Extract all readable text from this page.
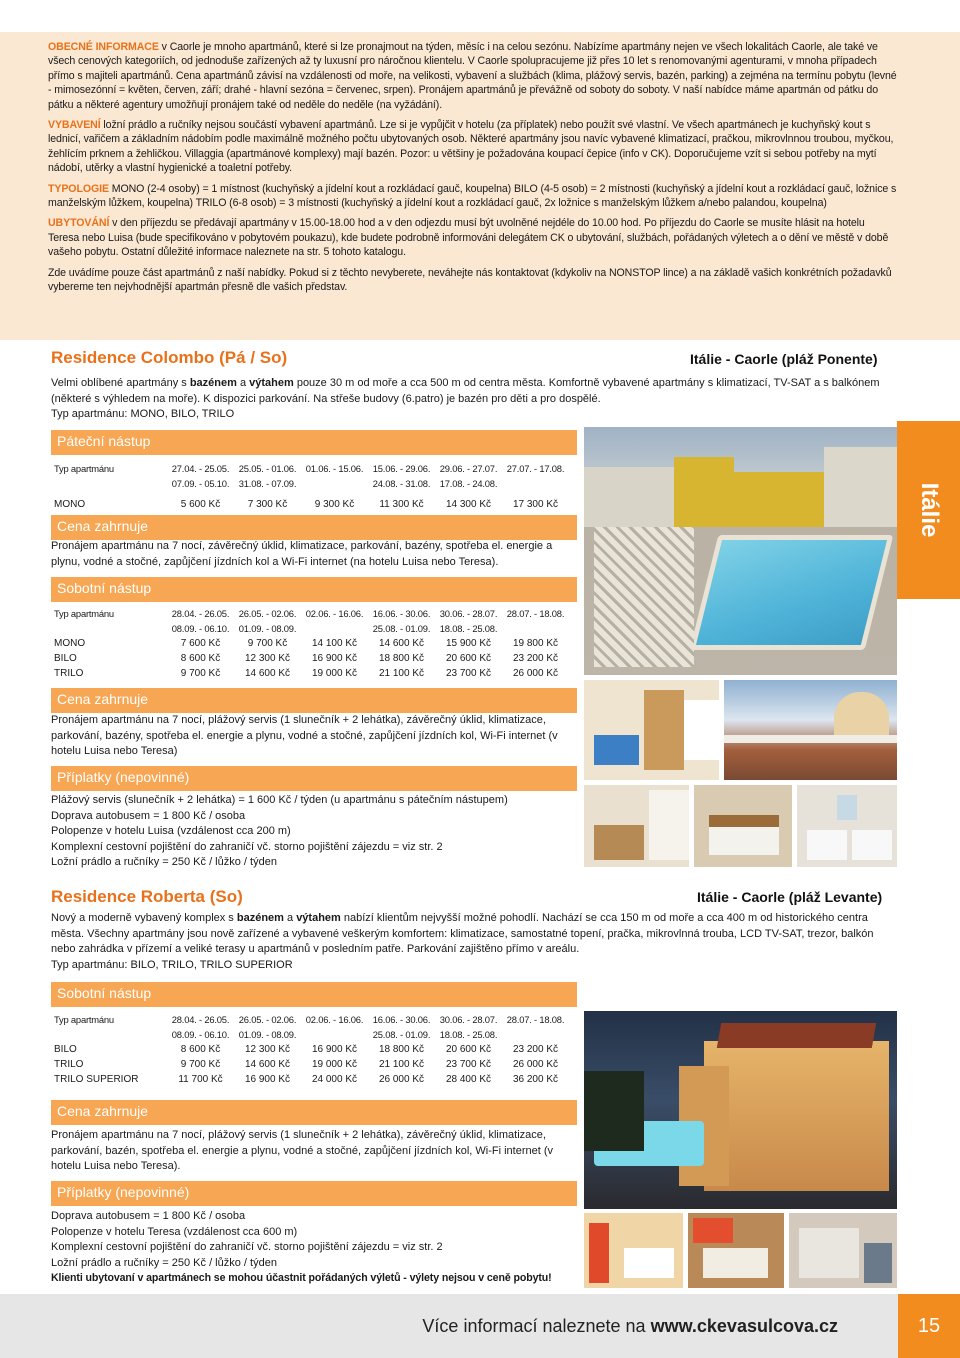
OBECNÉ INFORMACE v Caorle je mnoho apartmánů, které si lze pronajmout na týden, měsíc i na celou sezónu. Nabízíme apartmány nejen ve všech lokalitách Caorle, ale také ve všech cenových kategoriích, od jednoduše zařízených až ty luxusní pro náročnou klientelu. V Caorle spolupracujeme již přes 10 let s renomovanými agenturami, v mnoha případech přímo s majiteli apartmánů. Cena apartmánů závisí na vzdálenosti od moře, na velikosti, vybavení a službách (klima, plážový servis, bazén, parking) a zejména na termínu pobytu (levné - mimosezónní = květen, červen, září; drahé - hlavní sezóna = červenec, srpen). Pronájem apartmánů je převážně od soboty do soboty. V naší nabídce máme apartmán od pátku do pátku a některé agentury umožňují pronájem také od neděle do neděle (na vyžádání).

VYBAVENÍ ložní prádlo a ručníky nejsou součástí vybavení apartmánů. Lze si je vypůjčit v hotelu (za příplatek) nebo použít své vlastní. Ve všech apartmánech je kuchyňský kout s lednicí, vařičem a základním nádobím podle maximálně možného počtu ubytovaných osob. Některé apartmány jsou navíc vybavené klimatizací, pračkou, mikrovlnnou troubou, myčkou, žehlícím prknem a žehličkou. Villaggia (apartmánové komplexy) mají bazén. Pozor: u většiny je požadována koupací čepice (info v CK). Doporučujeme vzít si sebou potřeby na mytí nádobí, utěrky a vlastní hygienické a toaletní potřeby.

TYPOLOGIE MONO (2-4 osoby) = 1 místnost (kuchyňský a jídelní kout a rozkládací gauč, koupelna) BILO (4-5 osob) = 2 místnosti (kuchyňský a jídelní kout a rozkládací gauč, ložnice s manželským lůžkem, koupelna) TRILO (6-8 osob) = 3 místnosti (kuchyňský a jídelní kout a rozkládací gauč, 2x ložnice s manželským lůžkem a/nebo palandou, koupelna)

UBYTOVÁNÍ v den příjezdu se předávají apartmány v 15.00-18.00 hod a v den odjezdu musí být uvolněné nejdéle do 10.00 hod. Po příjezdu do Caorle se musíte hlásit na hotelu Teresa nebo Luisa (bude specifikováno v pobytovém poukazu), kde budete podrobně informováni delegátem CK o ubytování, službách, pořádaných výletech a o dění ve městě v době vašeho pobytu. Ostatní důležité informace naleznete na str. 5 tohoto katalogu.

Zde uvádíme pouze část apartmánů z naší nabídky. Pokud si z těchto nevyberete, neváhejte nás kontaktovat (kdykoliv na NONSTOP lince) a na základě vašich konkrétních požadavků vybereme ten nejvhodnější apartmán přesně dle vašich představ.

Residence Colombo (Pá / So)	Itálie - Caorle (pláž Ponente)
Velmi oblíbené apartmány s bazénem a výtahem pouze 30 m od moře a cca 500 m od centra města. Komfortně vybavené apartmány s klimatizací, TV-SAT a s balkónem (některé s výhledem na moře). K dispozici parkování. Na střeše budovy (6.patro) je bazén pro děti a pro dospělé.
Typ apartmánu: MONO, BILO, TRILO
Páteční nástup
Typ apartmánu	27.04. - 25.05.	25.05. - 01.06.	01.06. - 15.06.	15.06. - 29.06.	29.06. - 27.07.	27.07. - 17.08.
	07.09. - 05.10.	31.08. - 07.09.		24.08. - 31.08.	17.08. - 24.08.	

MONO	5 600 Kč	7 300 Kč	9 300 Kč	11 300 Kč	14 300 Kč	17 300 Kč
Cena zahrnuje
Pronájem apartmánu na 7 nocí, závěrečný úklid, klimatizace, parkování, bazény, spotřeba el. energie a plynu, vodné a stočné, zapůjčení jízdních kol a Wi-Fi internet (na hotelu Luisa nebo Teresa).
Sobotní nástup
Typ apartmánu	28.04. - 26.05.	26.05. - 02.06.	02.06. - 16.06.	16.06. - 30.06.	30.06. - 28.07.	28.07. - 18.08.
	08.09. - 06.10.	01.09. - 08.09.		25.08. - 01.09.	18.08. - 25.08.	
MONO	7 600 Kč	9 700 Kč	14 100 Kč	14 600 Kč	15 900 Kč	19 800 Kč
BILO	8 600 Kč	12 300 Kč	16 900 Kč	18 800 Kč	20 600 Kč	23 200 Kč
TRILO	9 700 Kč	14 600 Kč	19 000 Kč	21 100 Kč	23 700 Kč	26 000 Kč
Cena zahrnuje
Pronájem apartmánu na 7 nocí, plážový servis (1 slunečník + 2 lehátka), závěrečný úklid, klimatizace, parkování, bazény, spotřeba el. energie a plynu, vodné a stočné, zapůjčení jízdních kol, Wi-Fi internet (v hotelu Luisa nebo Teresa)
Příplatky (nepovinné)
Plážový servis (slunečník + 2 lehátka) = 1 600 Kč / týden (u apartmánu s pátečním nástupem)
Doprava autobusem = 1 800 Kč / osoba
Polopenze v hotelu Luisa (vzdálenost cca 200 m)
Komplexní cestovní pojištění do zahraničí vč. storno pojištění zájezdu = viz str. 2
Ložní prádlo a ručníky = 250 Kč / lůžko / týden
Residence Roberta (So)	Itálie - Caorle (pláž Levante)
Nový a moderně vybavený komplex s bazénem a výtahem nabízí klientům nejvyšší možné pohodlí. Nachází se cca 150 m od moře a cca 400 m od historického centra města. Všechny apartmány jsou nově zařízené a vybavené veškerým komfortem: klimatizace, samostatné topení, pračka, mikrovlnná trouba, LCD TV-SAT, trezor, balkón nebo zahrádka v přízemí a veliké terasy u apartmánů v posledním patře. Parkování zajištěno přímo v areálu.
Typ apartmánu: BILO, TRILO, TRILO SUPERIOR
Sobotní nástup
Typ apartmánu	28.04. - 26.05.	26.05. - 02.06.	02.06. - 16.06.	16.06. - 30.06.	30.06. - 28.07.	28.07. - 18.08.
	08.09. - 06.10.	01.09. - 08.09.		25.08. - 01.09.	18.08. - 25.08.	
BILO	8 600 Kč	12 300 Kč	16 900 Kč	18 800 Kč	20 600 Kč	23 200 Kč
TRILO	9 700 Kč	14 600 Kč	19 000 Kč	21 100 Kč	23 700 Kč	26 000 Kč
TRILO SUPERIOR	11 700 Kč	16 900 Kč	24 000 Kč	26 000 Kč	28 400 Kč	36 200 Kč
Cena zahrnuje
Pronájem apartmánu na 7 nocí, plážový servis (1 slunečník + 2 lehátka), závěrečný úklid, klimatizace, parkování, bazén, spotřeba el. energie a plynu, vodné a stočné, zapůjčení jízdních kol, Wi-Fi internet (v hotelu Luisa nebo Teresa).
Příplatky (nepovinné)
Doprava autobusem = 1 800 Kč / osoba
Polopenze v hotelu Teresa (vzdálenost cca 600 m)
Komplexní cestovní pojištění do zahraničí vč. storno pojištění zájezdu = viz str. 2
Ložní prádlo a ručníky = 250 Kč / lůžko / týden
Klienti ubytovaní v apartmánech se mohou účastnit pořádaných výletů - výlety nejsou v ceně pobytu!
Itálie
Více informací naleznete na www.ckevasulcova.cz	15
